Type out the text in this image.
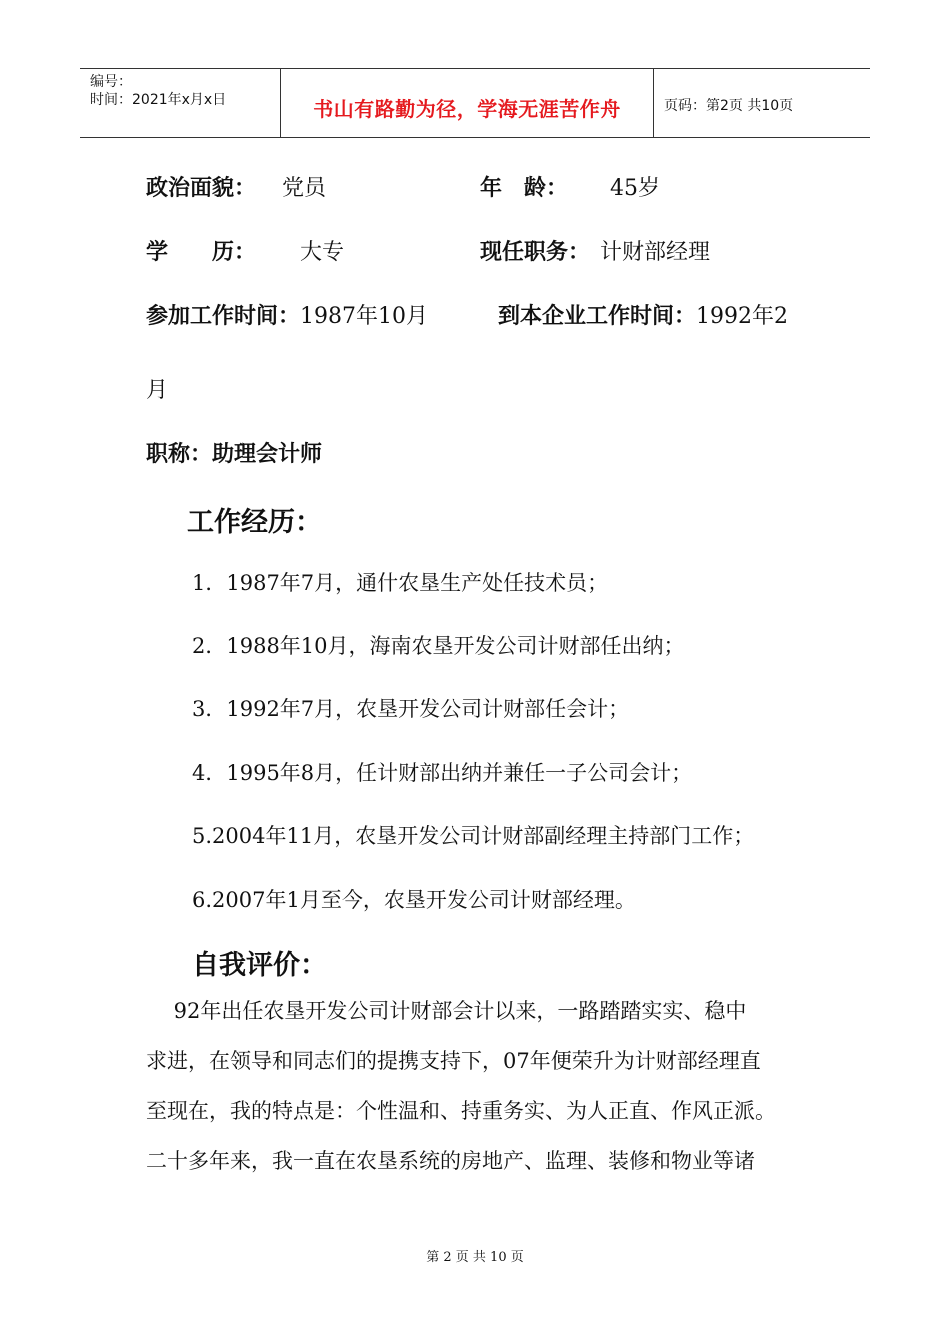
编号：
时间：2021年x月x日	书山有路勤为径，学海无涯苦作舟	页码：第2页 共10页
政治面貌： 党员	年　龄： 45岁
学　　历： 大专	现任职务： 计财部经理
参加工作时间：1987年10月	到本企业工作时间：1992年2
月
职称：助理会计师
工作经历：
1．1987年7月，通什农垦生产处任技术员；
2．1988年10月，海南农垦开发公司计财部任出纳；
3．1992年7月，农垦开发公司计财部任会计；
4．1995年8月，任计财部出纳并兼任一子公司会计；
5.2004年11月，农垦开发公司计财部副经理主持部门工作；
6.2007年1月至今，农垦开发公司计财部经理。
自我评价：
　 92年出任农垦开发公司计财部会计以来，一路踏踏实实、稳中
求进，在领导和同志们的提携支持下，07年便荣升为计财部经理直
至现在，我的特点是：个性温和、持重务实、为人正直、作风正派。
二十多年来，我一直在农垦系统的房地产、监理、装修和物业等诸
第 2 页 共 10 页
